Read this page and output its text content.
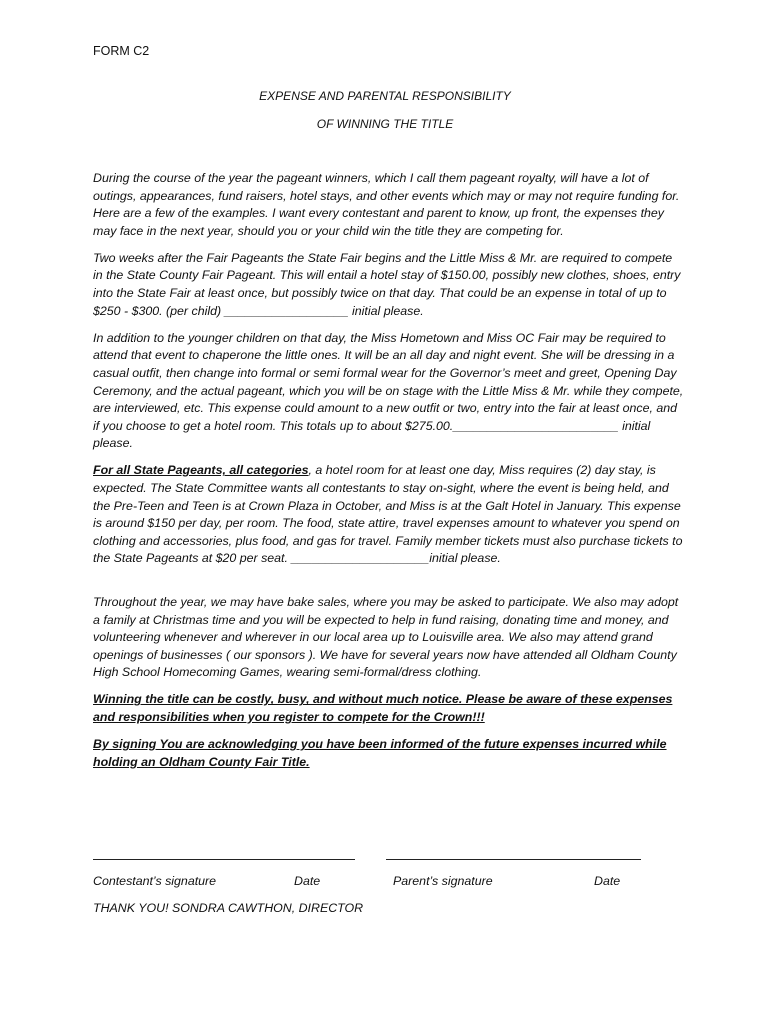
FORM C2
EXPENSE AND PARENTAL RESPONSIBILITY
OF WINNING THE TITLE

During the course of the year the pageant winners, which I call them pageant royalty, will have a lot of outings, appearances, fund raisers, hotel stays, and other events which may or may not require funding for. Here are a few of the examples. I want every contestant and parent to know, up front, the expenses they may face in the next year, should you or your child win the title they are competing for.

Two weeks after the Fair Pageants the State Fair begins and the Little Miss & Mr. are required to compete in the State County Fair Pageant. This will entail a hotel stay of $150.00, possibly new clothes, shoes, entry into the State Fair at least once, but possibly twice on that day. That could be an expense in total of up to $250 - $300. (per child) __________________ initial please.

In addition to the younger children on that day, the Miss Hometown and Miss OC Fair may be required to attend that event to chaperone the little ones. It will be an all day and night event. She will be dressing in a casual outfit, then change into formal or semi formal wear for the Governor’s meet and greet, Opening Day Ceremony, and the actual pageant, which you will be on stage with the Little Miss & Mr. while they compete, are interviewed, etc. This expense could amount to a new outfit or two, entry into the fair at least once, and if you choose to get a hotel room. This totals up to about $275.00.________________________ initial please.

For all State Pageants, all categories, a hotel room for at least one day, Miss requires (2) day stay, is expected. The State Committee wants all contestants to stay on-sight, where the event is being held, and the Pre-Teen and Teen is at Crown Plaza in October, and Miss is at the Galt Hotel in January. This expense is around $150 per day, per room. The food, state attire, travel expenses amount to whatever you spend on clothing and accessories, plus food, and gas for travel. Family member tickets must also purchase tickets to the State Pageants at $20 per seat. ____________________initial please.

Throughout the year, we may have bake sales, where you may be asked to participate. We also may adopt a family at Christmas time and you will be expected to help in fund raising, donating time and money, and volunteering whenever and wherever in our local area up to Louisville area. We also may attend grand openings of businesses ( our sponsors ). We have for several years now have attended all Oldham County High School Homecoming Games, wearing semi-formal/dress clothing.

Winning the title can be costly, busy, and without much notice. Please be aware of these expenses and responsibilities when you register to compete for the Crown!!!

By signing You are acknowledging you have been informed of the future expenses incurred while holding an Oldham County Fair Title.

Contestant’s signature	Date	Parent’s signature	Date
THANK YOU! SONDRA CAWTHON, DIRECTOR
